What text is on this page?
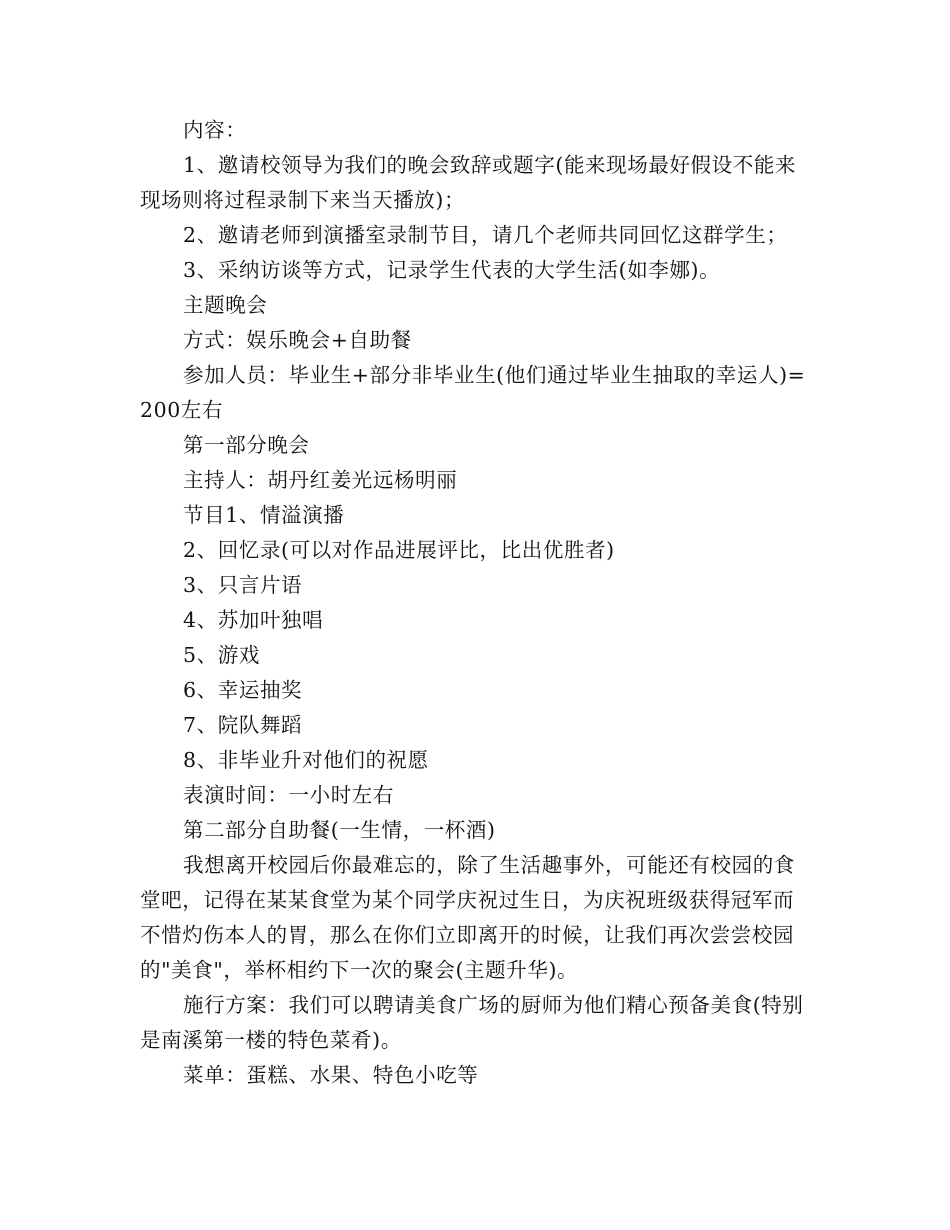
内容：

1、邀请校领导为我们的晚会致辞或题字(能来现场最好假设不能来现场则将过程录制下来当天播放)；

2、邀请老师到演播室录制节目，请几个老师共同回忆这群学生；

3、采纳访谈等方式，记录学生代表的大学生活(如李娜)。

主题晚会

方式：娱乐晚会+自助餐

参加人员：毕业生+部分非毕业生(他们通过毕业生抽取的幸运人)=200左右

第一部分晚会

主持人：胡丹红姜光远杨明丽

节目1、情溢演播

2、回忆录(可以对作品进展评比，比出优胜者)

3、只言片语

4、苏加叶独唱

5、游戏

6、幸运抽奖

7、院队舞蹈

8、非毕业升对他们的祝愿

表演时间：一小时左右

第二部分自助餐(一生情，一杯酒)

我想离开校园后你最难忘的，除了生活趣事外，可能还有校园的食堂吧，记得在某某食堂为某个同学庆祝过生日，为庆祝班级获得冠军而不惜灼伤本人的胃，那么在你们立即离开的时候，让我们再次尝尝校园的"美食"，举杯相约下一次的聚会(主题升华)。

施行方案：我们可以聘请美食广场的厨师为他们精心预备美食(特别是南溪第一楼的特色菜肴)。

菜单：蛋糕、水果、特色小吃等
